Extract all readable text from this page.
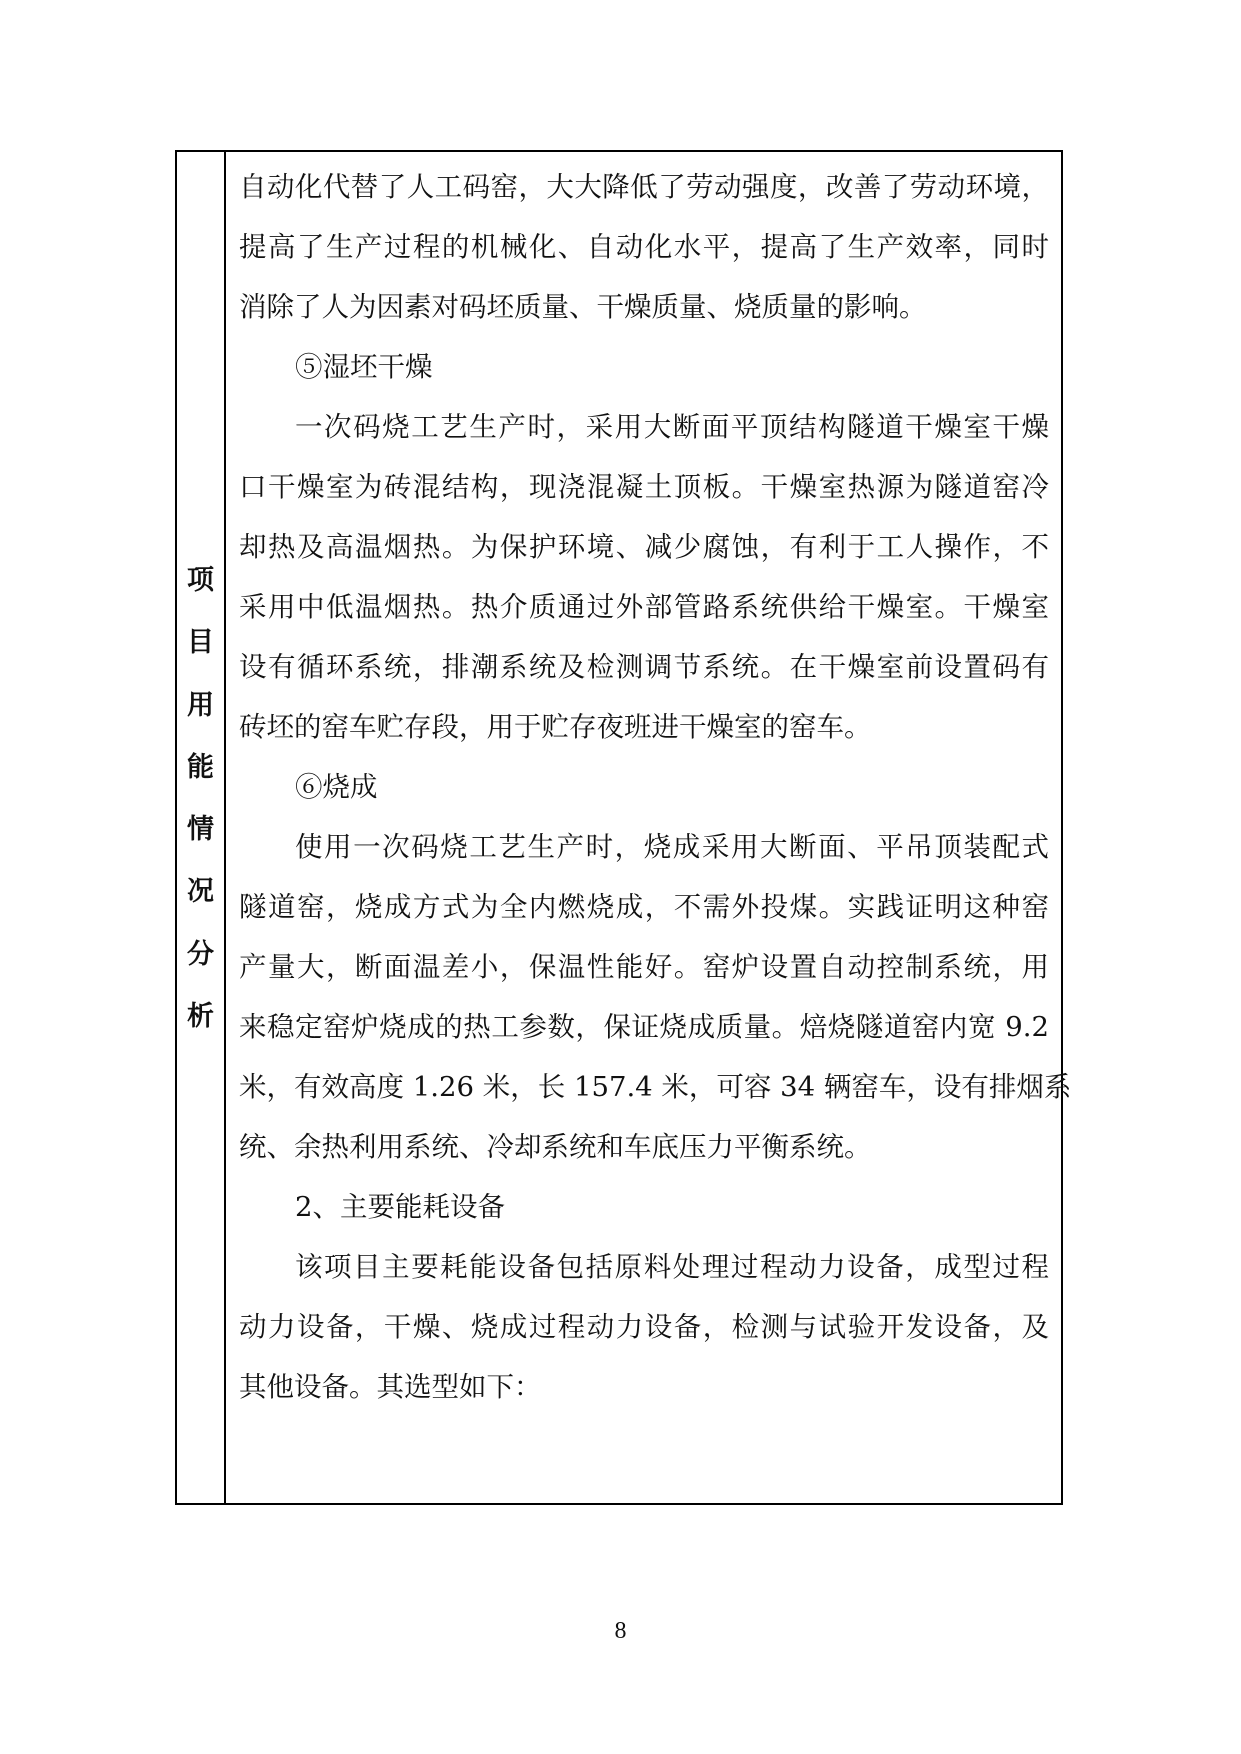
项
目
用
能
情
况
分
析
自动化代替了人工码窑，大大降低了劳动强度，改善了劳动环境，
提高了生产过程的机械化、自动化水平，提高了生产效率，同时
消除了人为因素对码坯质量、干燥质量、烧质量的影响。
⑤湿坯干燥
一次码烧工艺生产时，采用大断面平顶结构隧道干燥室干燥
口干燥室为砖混结构，现浇混凝土顶板。干燥室热源为隧道窑冷
却热及高温烟热。为保护环境、减少腐蚀，有利于工人操作，不
采用中低温烟热。热介质通过外部管路系统供给干燥室。干燥室
设有循环系统，排潮系统及检测调节系统。在干燥室前设置码有
砖坯的窑车贮存段，用于贮存夜班进干燥室的窑车。
⑥烧成
使用一次码烧工艺生产时，烧成采用大断面、平吊顶装配式
隧道窑，烧成方式为全内燃烧成，不需外投煤。实践证明这种窑
产量大，断面温差小，保温性能好。窑炉设置自动控制系统，用
来稳定窑炉烧成的热工参数，保证烧成质量。焙烧隧道窑内宽 9.2
米，有效高度 1.26 米，长 157.4 米，可容 34 辆窑车，设有排烟系
统、余热利用系统、冷却系统和车底压力平衡系统。
2、主要能耗设备
该项目主要耗能设备包括原料处理过程动力设备，成型过程
动力设备，干燥、烧成过程动力设备，检测与试验开发设备，及
其他设备。其选型如下：
8
